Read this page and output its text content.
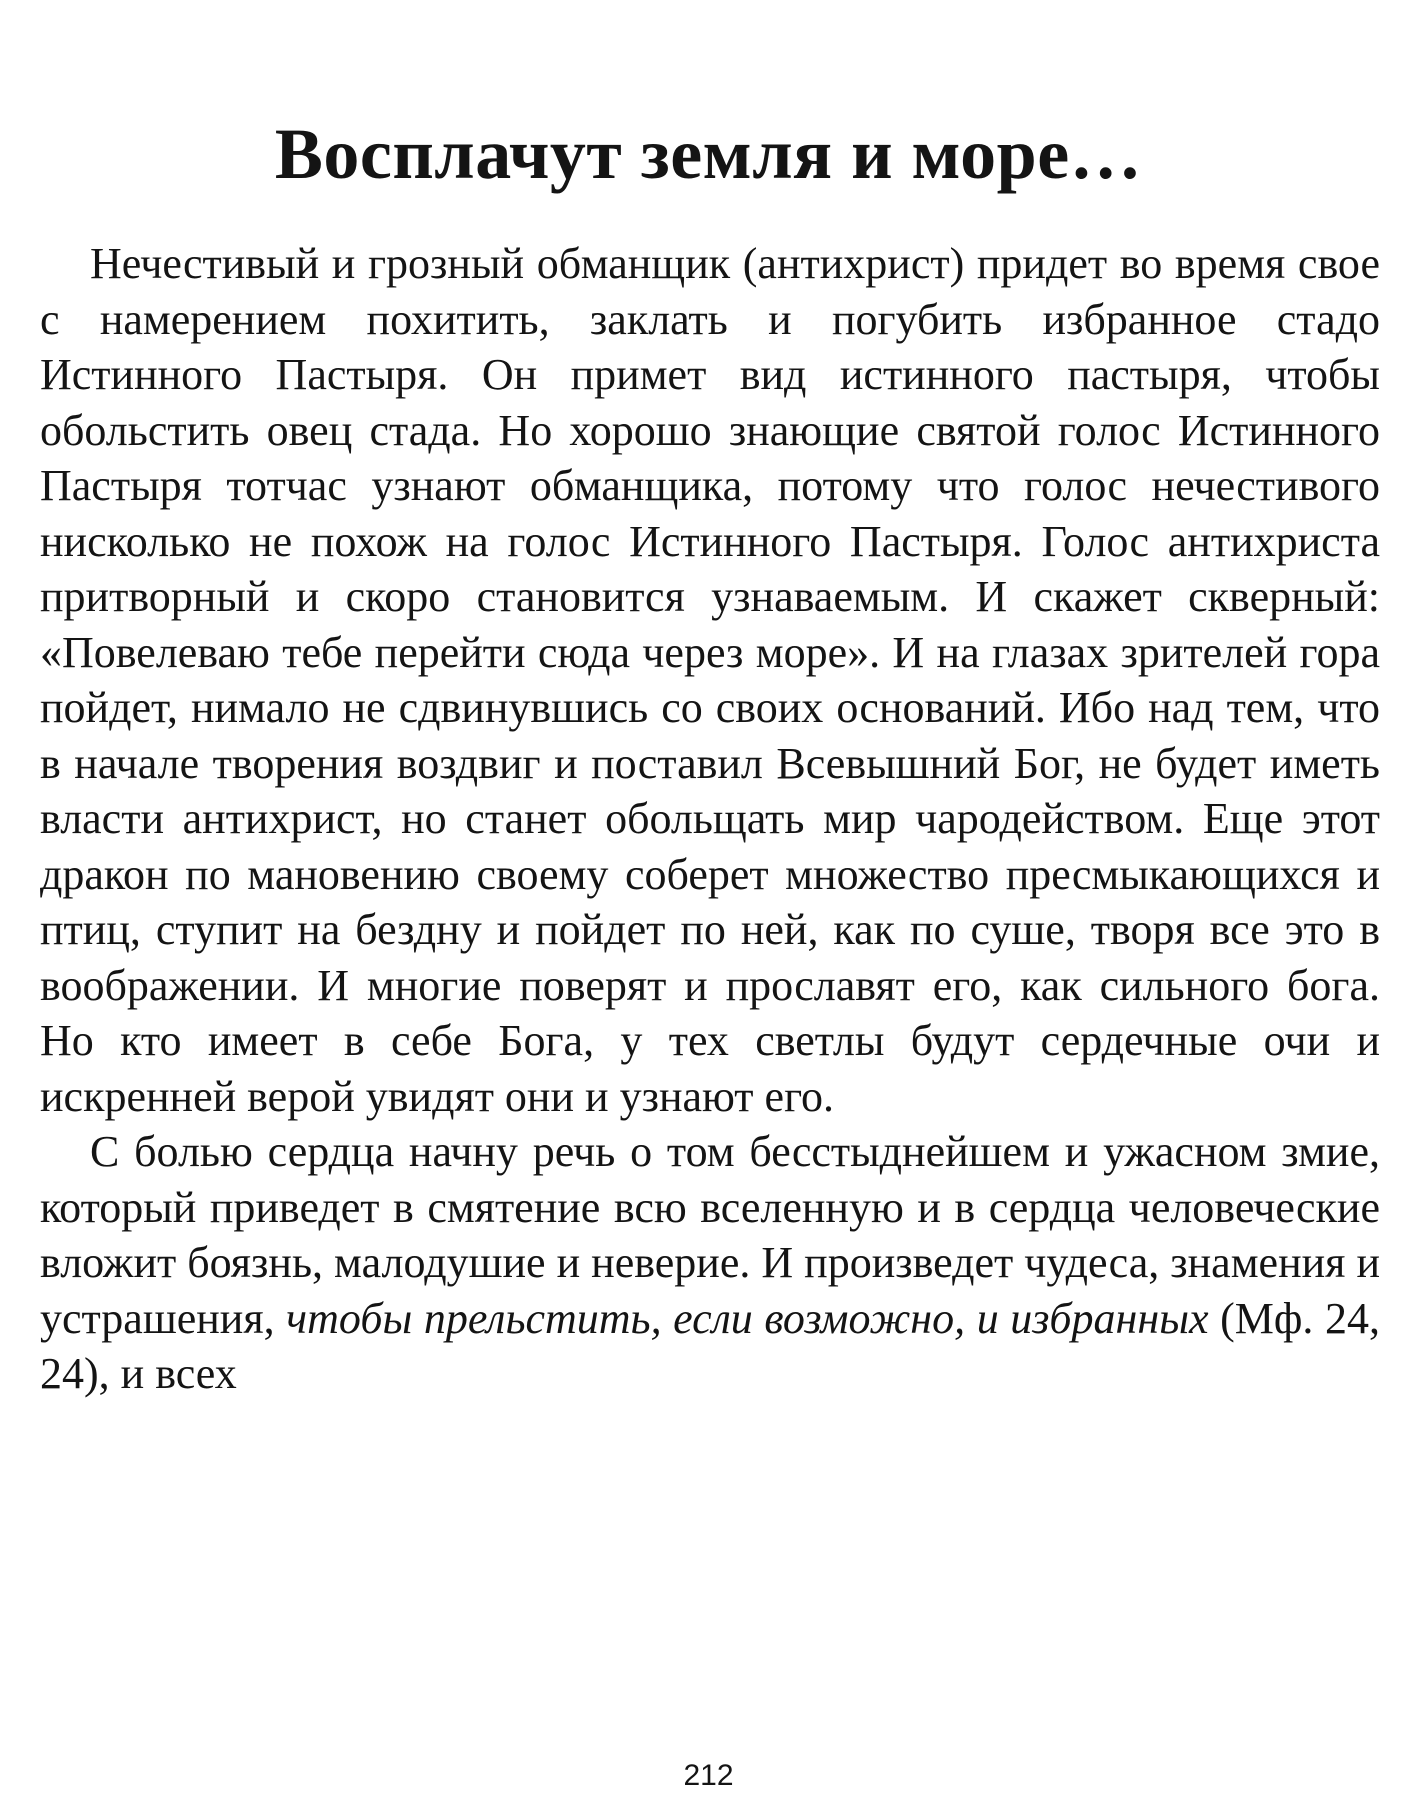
Восплачут земля и море…

Нечестивый и грозный обманщик (антихрист) придет во время свое с намерением похитить, заклать и погубить избранное стадо Истинного Пастыря. Он примет вид истинного пастыря, чтобы обольстить овец стада. Но хорошо знающие святой голос Истинного Пастыря тотчас узнают обманщика, потому что голос нечестивого нисколько не похож на голос Истинного Пастыря. Голос антихриста притворный и скоро становится узнаваемым. И скажет скверный: «Повелеваю тебе перейти сюда через море». И на глазах зрителей гора пойдет, нимало не сдвинувшись со своих оснований. Ибо над тем, что в начале творения воздвиг и поставил Всевышний Бог, не будет иметь власти антихрист, но станет обольщать мир чародейством. Еще этот дракон по мановению своему соберет множество пресмыкающихся и птиц, ступит на бездну и пойдет по ней, как по суше, творя все это в воображении. И многие поверят и прославят его, как сильного бога. Но кто имеет в себе Бога, у тех светлы будут сердечные очи и искренней верой увидят они и узнают его.

С болью сердца начну речь о том бесстыднейшем и ужасном змие, который приведет в смятение всю вселенную и в сердца человеческие вложит боязнь, малодушие и неверие. И произведет чудеса, знамения и устрашения, чтобы прельстить, если возможно, и избранных (Мф. 24, 24), и всех

212
